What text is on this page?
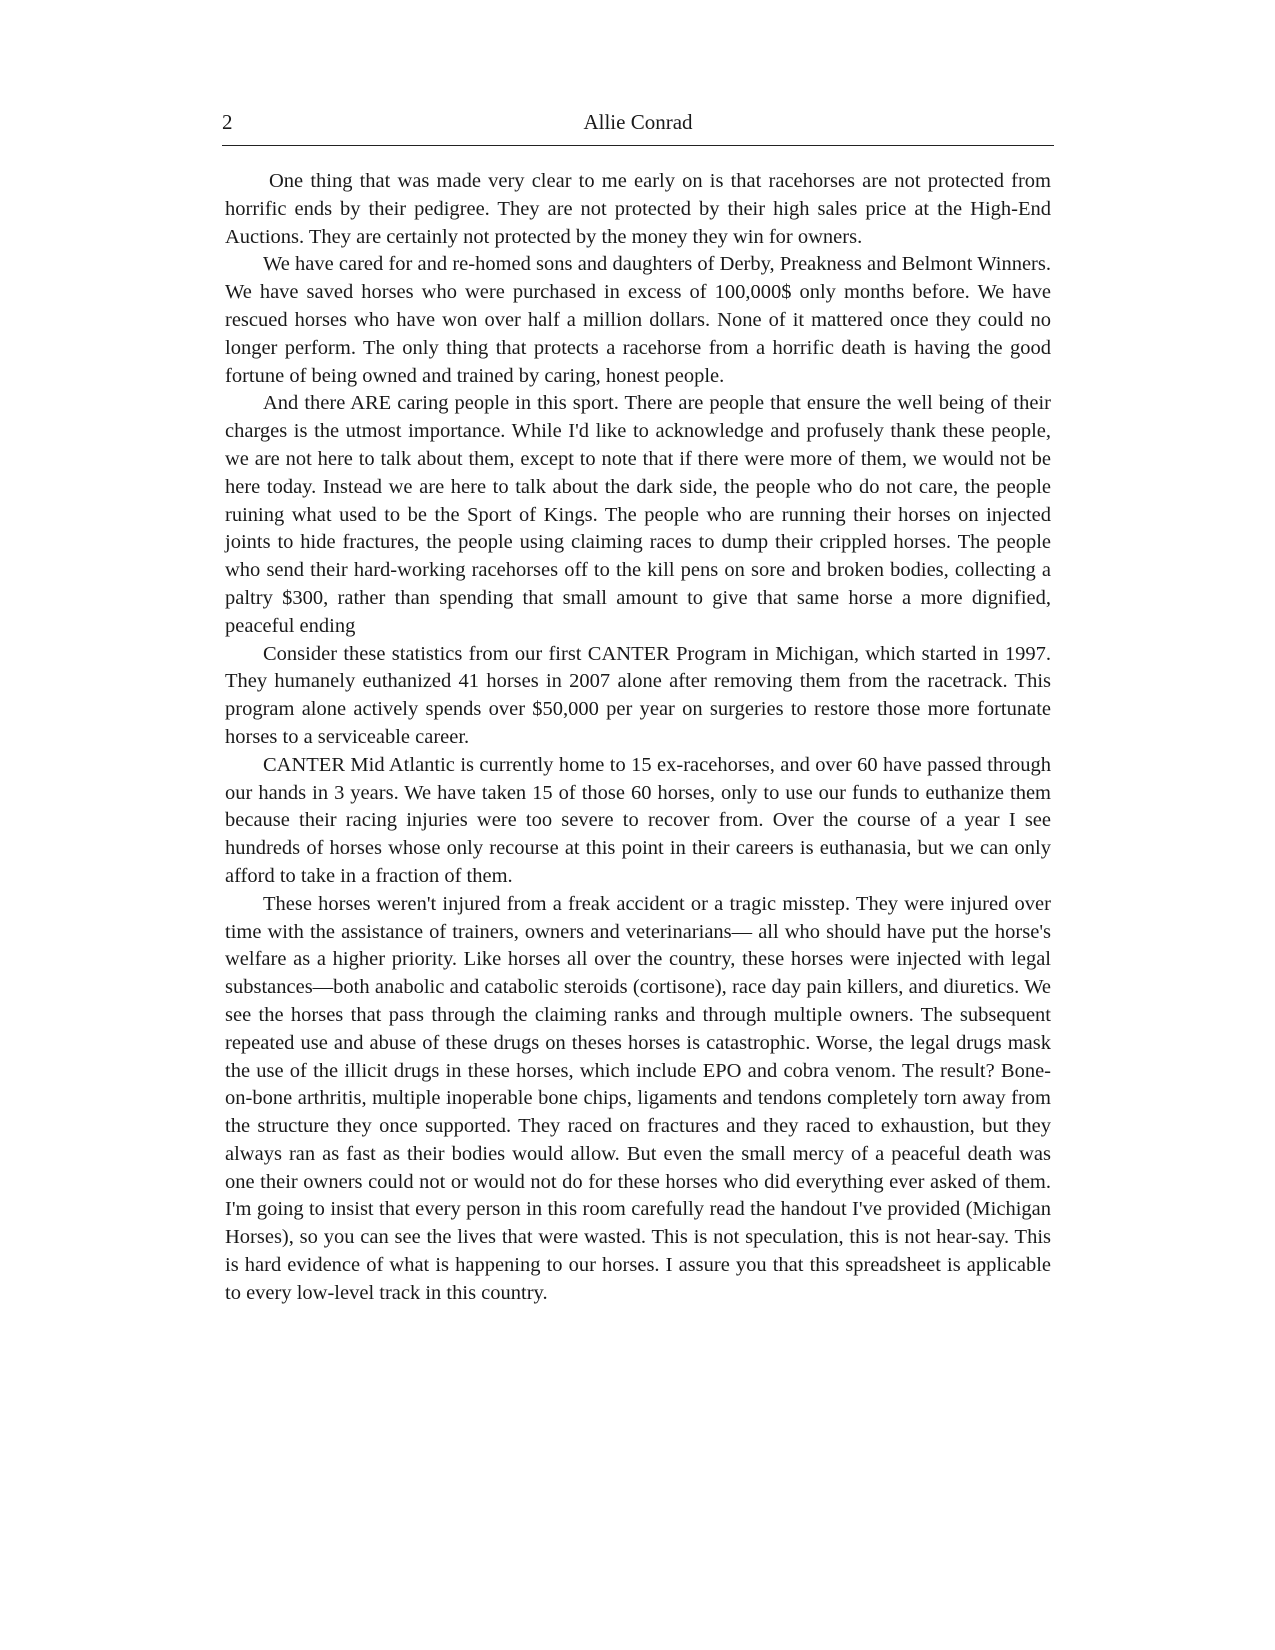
2	Allie Conrad

One thing that was made very clear to me early on is that racehorses are not protected from horrific ends by their pedigree. They are not protected by their high sales price at the High-End Auctions. They are certainly not protected by the money they win for owners.

We have cared for and re-homed sons and daughters of Derby, Preakness and Belmont Winners. We have saved horses who were purchased in excess of 100,000$ only months before. We have rescued horses who have won over half a million dollars. None of it mattered once they could no longer perform. The only thing that protects a racehorse from a horrific death is having the good fortune of being owned and trained by caring, honest people.

And there ARE caring people in this sport. There are people that ensure the well being of their charges is the utmost importance. While I'd like to acknowledge and profusely thank these people, we are not here to talk about them, except to note that if there were more of them, we would not be here today. Instead we are here to talk about the dark side, the people who do not care, the people ruining what used to be the Sport of Kings. The people who are running their horses on injected joints to hide fractures, the people using claiming races to dump their crippled horses. The people who send their hard-working racehorses off to the kill pens on sore and broken bodies, collecting a paltry $300, rather than spending that small amount to give that same horse a more dignified, peaceful ending

Consider these statistics from our first CANTER Program in Michigan, which started in 1997. They humanely euthanized 41 horses in 2007 alone after removing them from the racetrack. This program alone actively spends over $50,000 per year on surgeries to restore those more fortunate horses to a serviceable career.

CANTER Mid Atlantic is currently home to 15 ex-racehorses, and over 60 have passed through our hands in 3 years. We have taken 15 of those 60 horses, only to use our funds to euthanize them because their racing injuries were too severe to recover from. Over the course of a year I see hundreds of horses whose only recourse at this point in their careers is euthanasia, but we can only afford to take in a fraction of them.

These horses weren't injured from a freak accident or a tragic misstep. They were injured over time with the assistance of trainers, owners and veterinarians— all who should have put the horse's welfare as a higher priority. Like horses all over the country, these horses were injected with legal substances—both anabolic and catabolic steroids (cortisone), race day pain killers, and diuretics. We see the horses that pass through the claiming ranks and through multiple owners. The subsequent repeated use and abuse of these drugs on theses horses is catastrophic. Worse, the legal drugs mask the use of the illicit drugs in these horses, which include EPO and cobra venom. The result? Bone-on-bone arthritis, multiple inoperable bone chips, ligaments and tendons completely torn away from the structure they once supported. They raced on fractures and they raced to exhaustion, but they always ran as fast as their bodies would allow. But even the small mercy of a peaceful death was one their owners could not or would not do for these horses who did everything ever asked of them. I'm going to insist that every person in this room carefully read the handout I've provided (Michigan Horses), so you can see the lives that were wasted. This is not speculation, this is not hear-say. This is hard evidence of what is happening to our horses. I assure you that this spreadsheet is applicable to every low-level track in this country.
